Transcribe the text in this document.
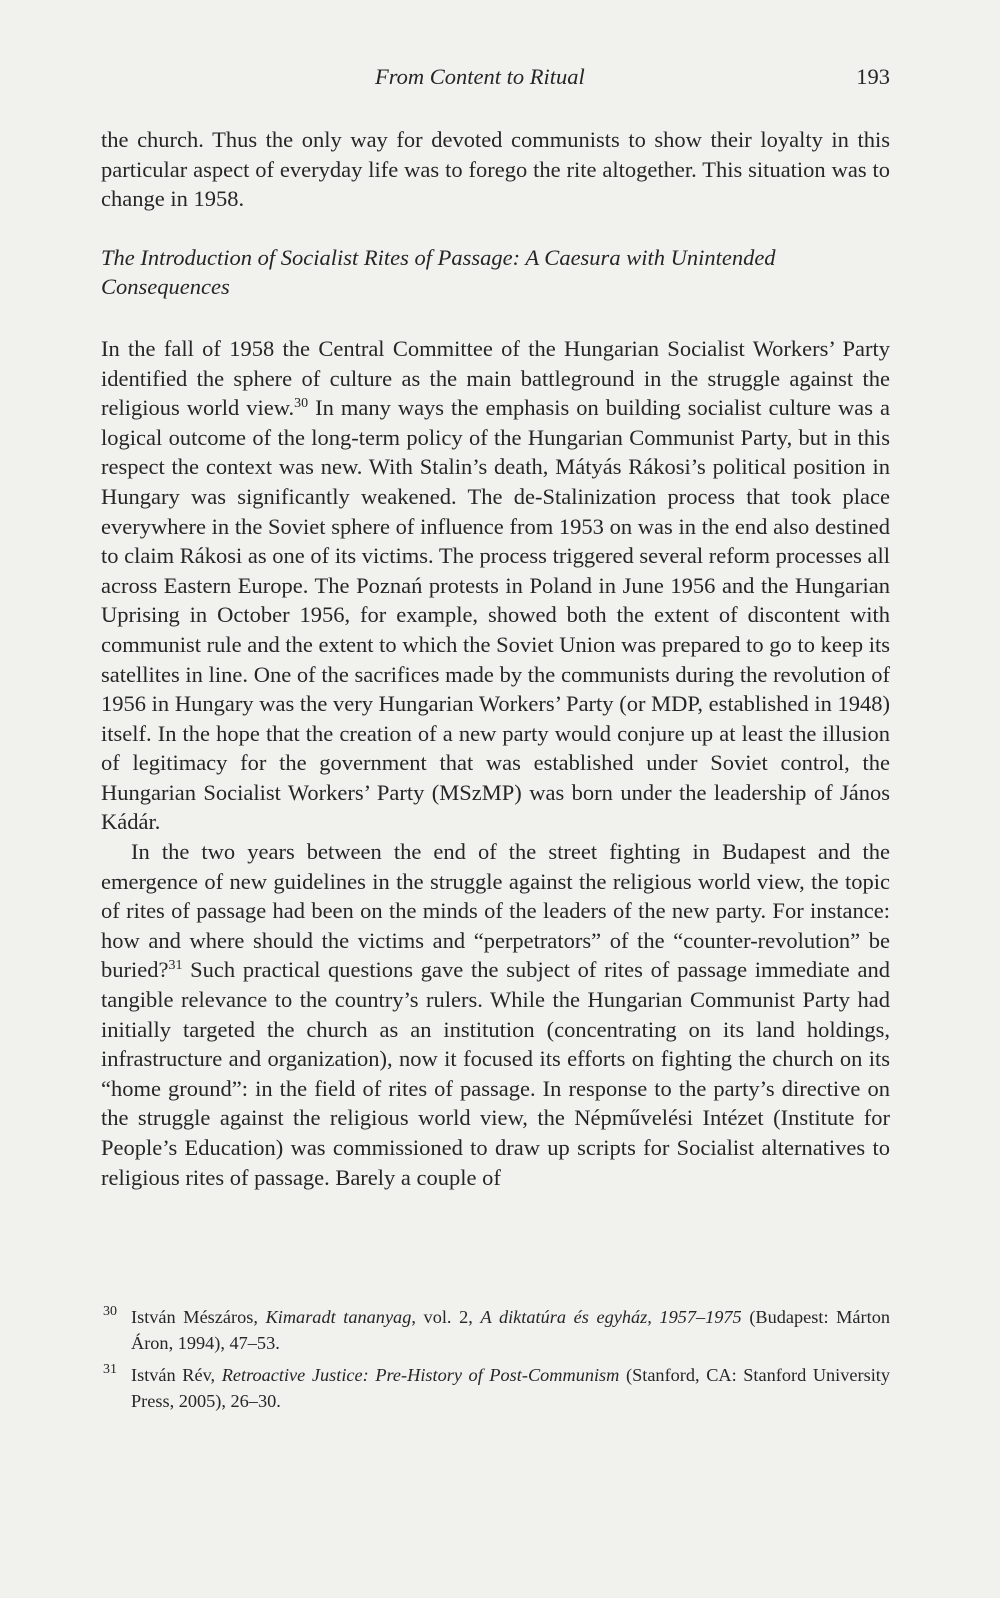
From Content to Ritual	193

the church. Thus the only way for devoted communists to show their loyalty in this particular aspect of everyday life was to forego the rite altogether. This situation was to change in 1958.

The Introduction of Socialist Rites of Passage: A Caesura with Unintended Consequences

In the fall of 1958 the Central Committee of the Hungarian Socialist Workers’ Party identified the sphere of culture as the main battleground in the struggle against the religious world view.$^{30}$ In many ways the emphasis on building socialist culture was a logical outcome of the long-term policy of the Hungarian Communist Party, but in this respect the context was new. With Stalin’s death, Mátyás Rákosi’s political position in Hungary was significantly weakened. The de-Stalinization process that took place everywhere in the Soviet sphere of influence from 1953 on was in the end also destined to claim Rákosi as one of its victims. The process triggered several reform processes all across Eastern Europe. The Poznań protests in Poland in June 1956 and the Hungarian Uprising in October 1956, for example, showed both the extent of discontent with communist rule and the extent to which the Soviet Union was prepared to go to keep its satellites in line. One of the sacrifices made by the communists during the revolution of 1956 in Hungary was the very Hungarian Workers’ Party (or MDP, established in 1948) itself. In the hope that the creation of a new party would conjure up at least the illusion of legitimacy for the government that was established under Soviet control, the Hungarian Socialist Workers’ Party (MSzMP) was born under the leadership of János Kádár.

In the two years between the end of the street fighting in Budapest and the emergence of new guidelines in the struggle against the religious world view, the topic of rites of passage had been on the minds of the leaders of the new party. For instance: how and where should the victims and “perpetrators” of the “counter-revolution” be buried?$^{31}$ Such practical questions gave the subject of rites of passage immediate and tangible relevance to the country’s rulers. While the Hungarian Communist Party had initially targeted the church as an institution (concentrating on its land holdings, infrastructure and organization), now it focused its efforts on fighting the church on its “home ground”: in the field of rites of passage. In response to the party’s directive on the struggle against the religious world view, the Népművelési Intézet (Institute for People’s Education) was commissioned to draw up scripts for Socialist alternatives to religious rites of passage. Barely a couple of

30 István Mészáros, Kimaradt tananyag, vol. 2, A diktatúra és egyház, 1957–1975 (Budapest: Márton Áron, 1994), 47–53.

31 István Rév, Retroactive Justice: Pre-History of Post-Communism (Stanford, CA: Stanford University Press, 2005), 26–30.
